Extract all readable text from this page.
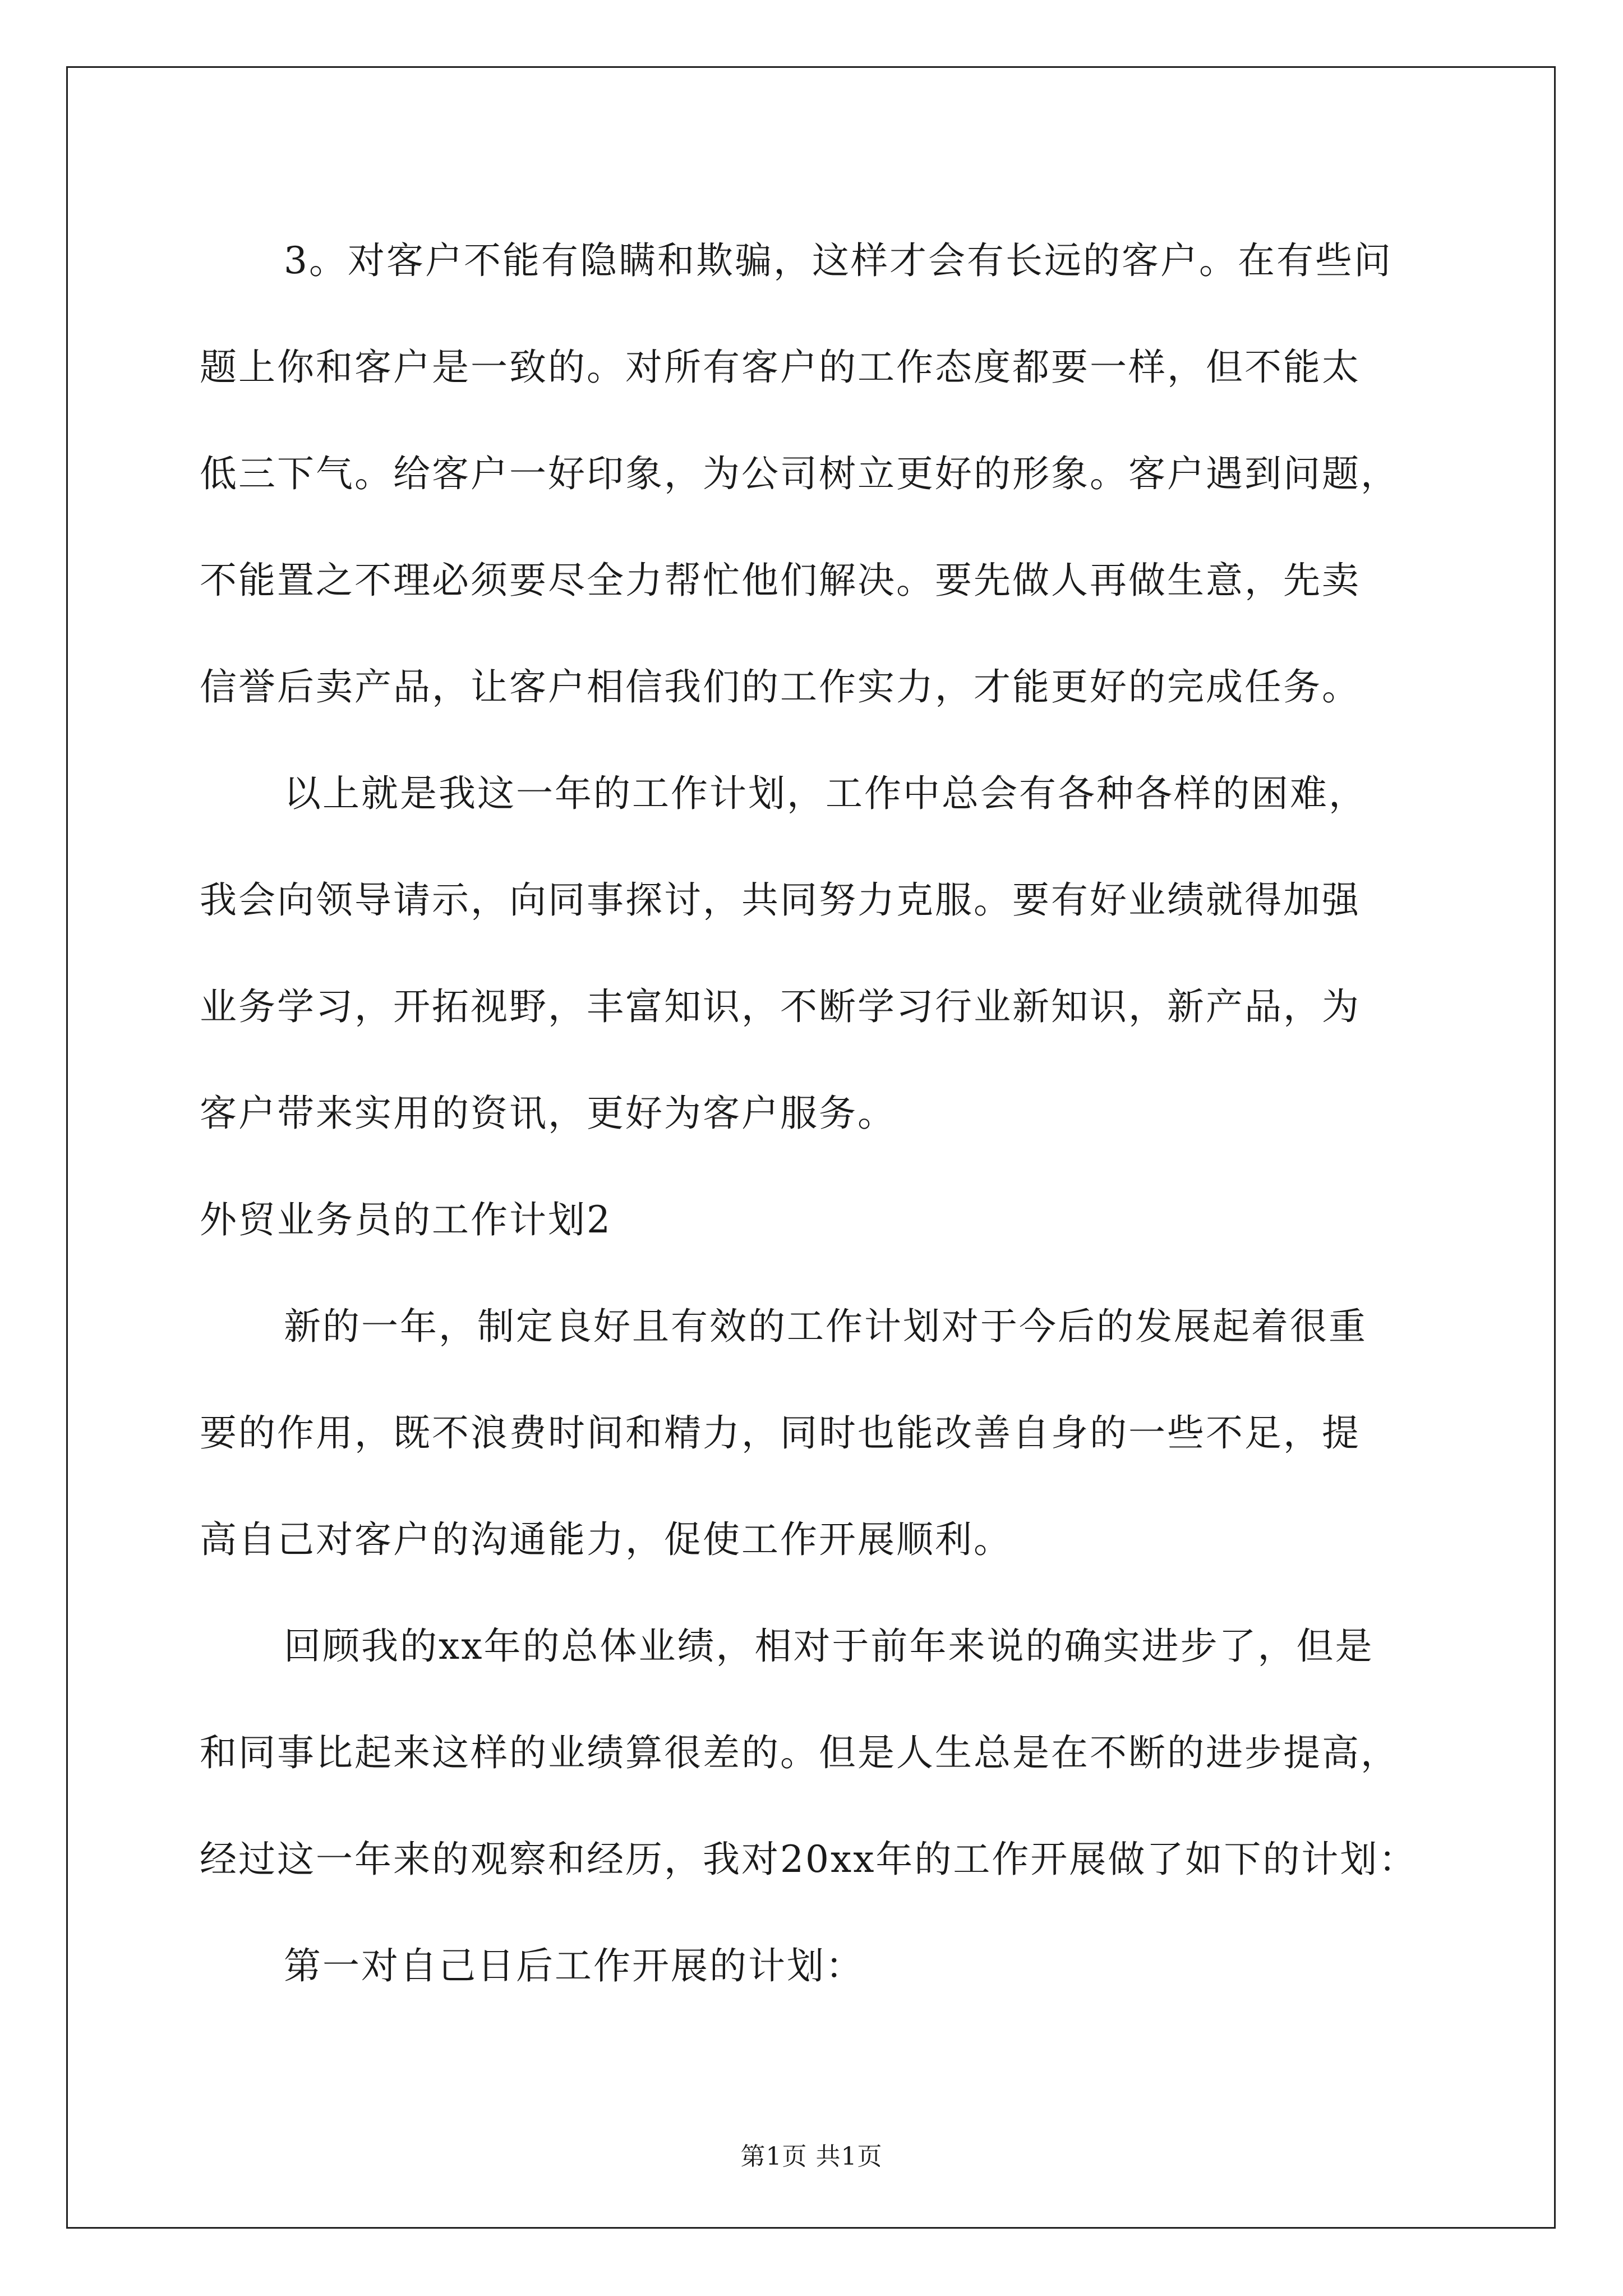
3。对客户不能有隐瞒和欺骗，这样才会有长远的客户。在有些问
题上你和客户是一致的。对所有客户的工作态度都要一样，但不能太
低三下气。给客户一好印象，为公司树立更好的形象。客户遇到问题，
不能置之不理必须要尽全力帮忙他们解决。要先做人再做生意，先卖
信誉后卖产品，让客户相信我们的工作实力，才能更好的完成任务。
以上就是我这一年的工作计划，工作中总会有各种各样的困难，
我会向领导请示，向同事探讨，共同努力克服。要有好业绩就得加强
业务学习，开拓视野，丰富知识，不断学习行业新知识，新产品，为
客户带来实用的资讯，更好为客户服务。
外贸业务员的工作计划2
新的一年，制定良好且有效的工作计划对于今后的发展起着很重
要的作用，既不浪费时间和精力，同时也能改善自身的一些不足，提
高自己对客户的沟通能力，促使工作开展顺利。
回顾我的xx年的总体业绩，相对于前年来说的确实进步了，但是
和同事比起来这样的业绩算很差的。但是人生总是在不断的进步提高，
经过这一年来的观察和经历，我对20xx年的工作开展做了如下的计划：
第一对自己日后工作开展的计划：
第1页 共1页
